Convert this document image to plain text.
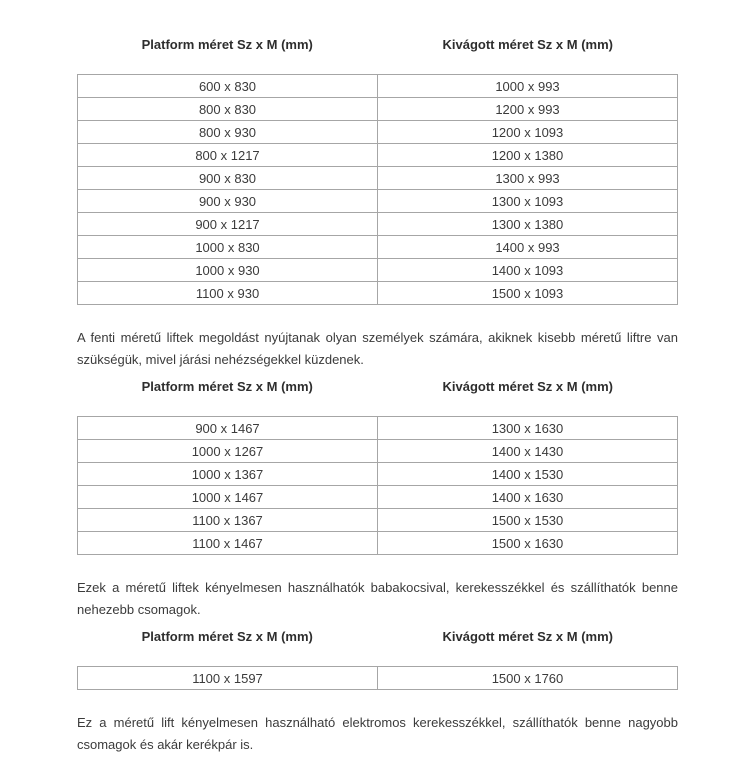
Platform méret Sz x M (mm)	Kivágott méret Sz x M (mm)
600 x 830	1000 x 993
800 x 830	1200 x 993
800 x 930	1200 x 1093
800 x 1217	1200 x 1380
900 x 830	1300 x 993
900 x 930	1300 x 1093
900 x 1217	1300 x 1380
1000 x 830	1400 x 993
1000 x 930	1400 x 1093
1100 x 930	1500 x 1093

A fenti méretű liftek megoldást nyújtanak olyan személyek számára, akiknek kisebb méretű liftre van szükségük, mivel járási nehézségekkel küzdenek.

Platform méret Sz x M (mm)	Kivágott méret Sz x M (mm)
900 x 1467	1300 x 1630
1000 x 1267	1400 x 1430
1000 x 1367	1400 x 1530
1000 x 1467	1400 x 1630
1100 x 1367	1500 x 1530
1100 x 1467	1500 x 1630

Ezek a méretű liftek kényelmesen használhatók babakocsival, kerekesszékkel és szállíthatók benne nehezebb csomagok.

Platform méret Sz x M (mm)	Kivágott méret Sz x M (mm)
1100 x 1597	1500 x 1760

Ez a méretű lift kényelmesen használható elektromos kerekesszékkel, szállíthatók benne nagyobb csomagok és akár kerékpár is.
